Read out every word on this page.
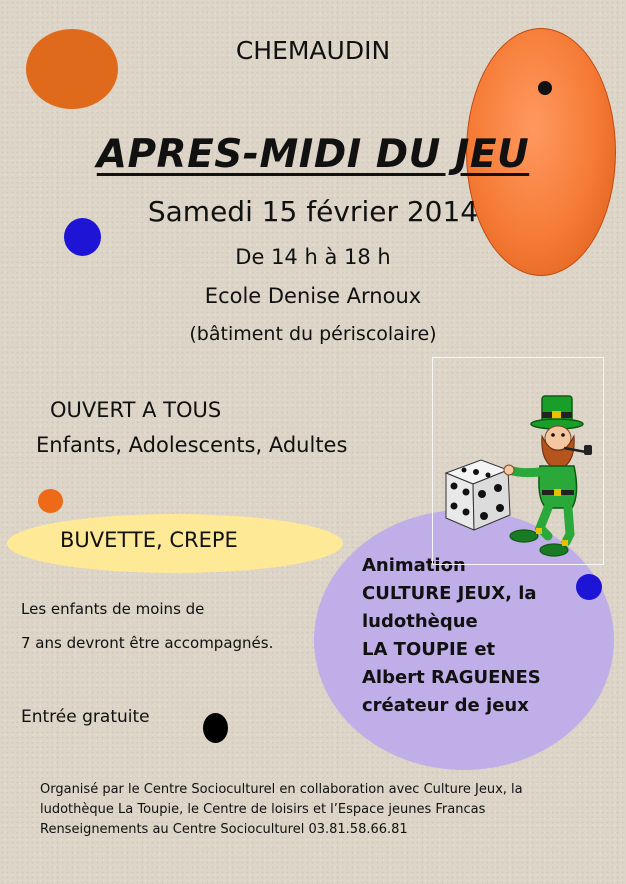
CHEMAUDIN
APRES-MIDI DU JEU
Samedi 15 février 2014
De 14 h à 18 h
Ecole Denise Arnoux
(bâtiment du périscolaire)
OUVERT A TOUS
Enfants, Adolescents, Adultes
BUVETTE, CREPE
Les enfants de moins de
7 ans devront être accompagnés.
Entrée gratuite
Animation
CULTURE JEUX, la
ludothèque
LA TOUPIE et
Albert RAGUENES
créateur de jeux
Organisé par le Centre Socioculturel en collaboration avec Culture Jeux, la
ludothèque La Toupie, le Centre de loisirs et l’Espace jeunes Francas
Renseignements au Centre Socioculturel 03.81.58.66.81
